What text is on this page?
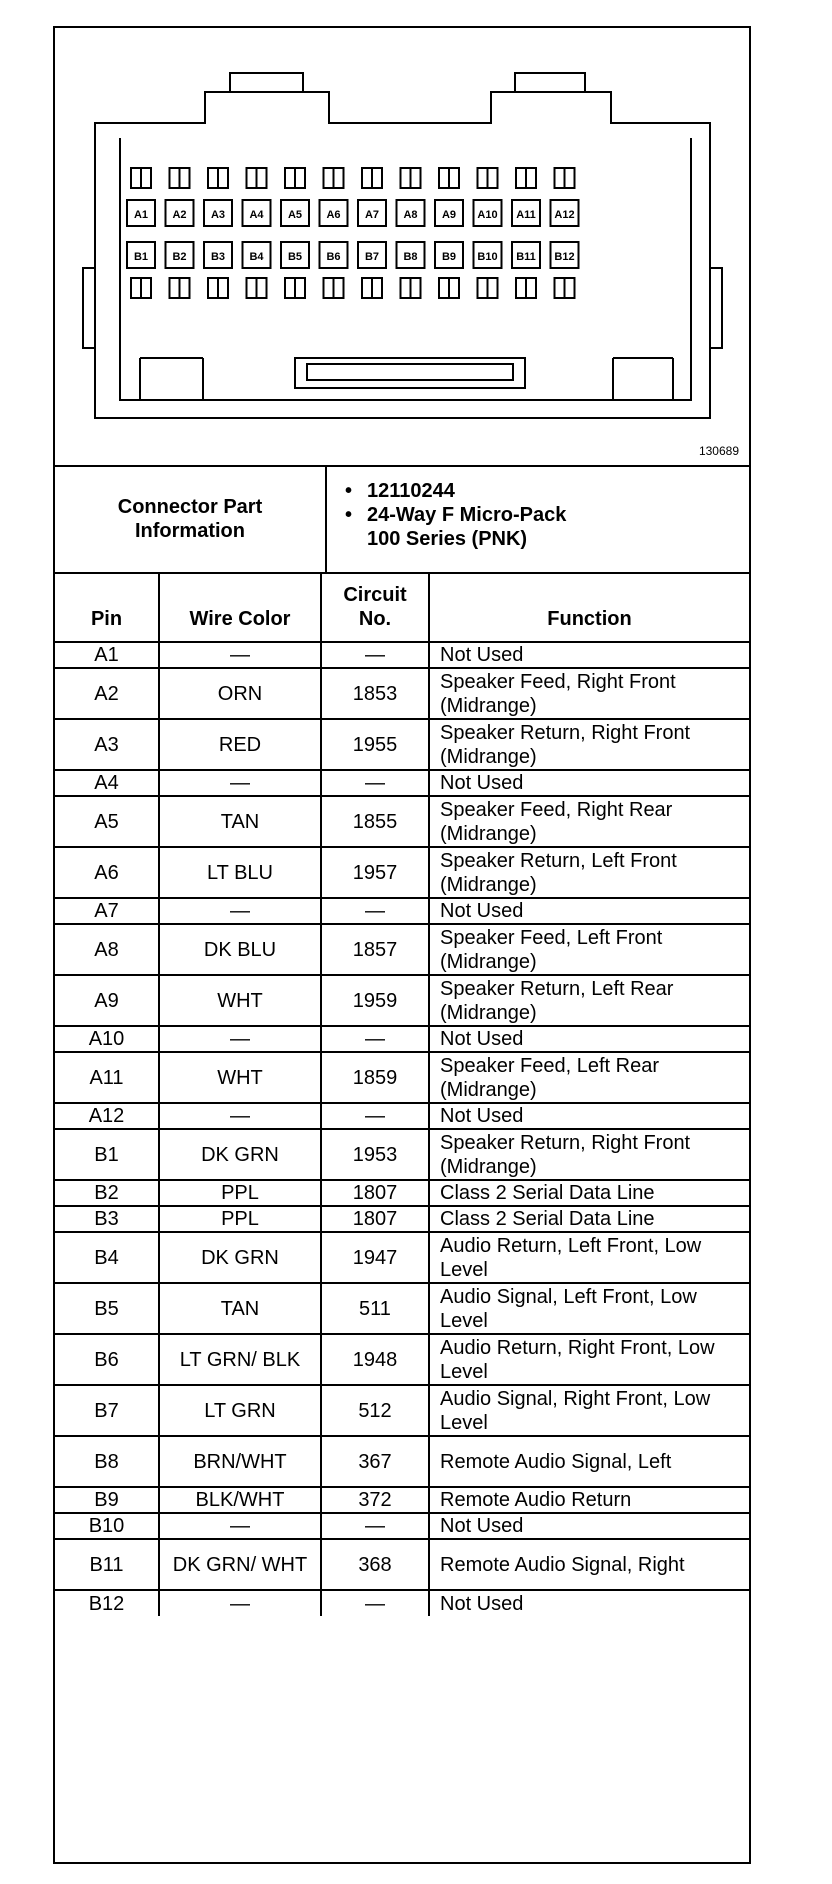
A1 A2 A3 A4 A5 A6 A7 A8 A9 A10 A11 A12
B1 B2 B3 B4 B5 B6 B7 B8 B9 B10 B11 B12
130689
Connector Part Information
• 12110244
• 24-Way F Micro-Pack
100 Series (PNK)
Pin	Wire Color	Circuit No.	Function
A1	—	—	Not Used
A2	ORN	1853	Speaker Feed, Right Front (Midrange)
A3	RED	1955	Speaker Return, Right Front (Midrange)
A4	—	—	Not Used
A5	TAN	1855	Speaker Feed, Right Rear (Midrange)
A6	LT BLU	1957	Speaker Return, Left Front (Midrange)
A7	—	—	Not Used
A8	DK BLU	1857	Speaker Feed, Left Front (Midrange)
A9	WHT	1959	Speaker Return, Left Rear (Midrange)
A10	—	—	Not Used
A11	WHT	1859	Speaker Feed, Left Rear (Midrange)
A12	—	—	Not Used
B1	DK GRN	1953	Speaker Return, Right Front (Midrange)
B2	PPL	1807	Class 2 Serial Data Line
B3	PPL	1807	Class 2 Serial Data Line
B4	DK GRN	1947	Audio Return, Left Front, Low Level
B5	TAN	511	Audio Signal, Left Front, Low Level
B6	LT GRN/ BLK	1948	Audio Return, Right Front, Low Level
B7	LT GRN	512	Audio Signal, Right Front, Low Level
B8	BRN/WHT	367	Remote Audio Signal, Left
B9	BLK/WHT	372	Remote Audio Return
B10	—	—	Not Used
B11	DK GRN/ WHT	368	Remote Audio Signal, Right
B12	—	—	Not Used
